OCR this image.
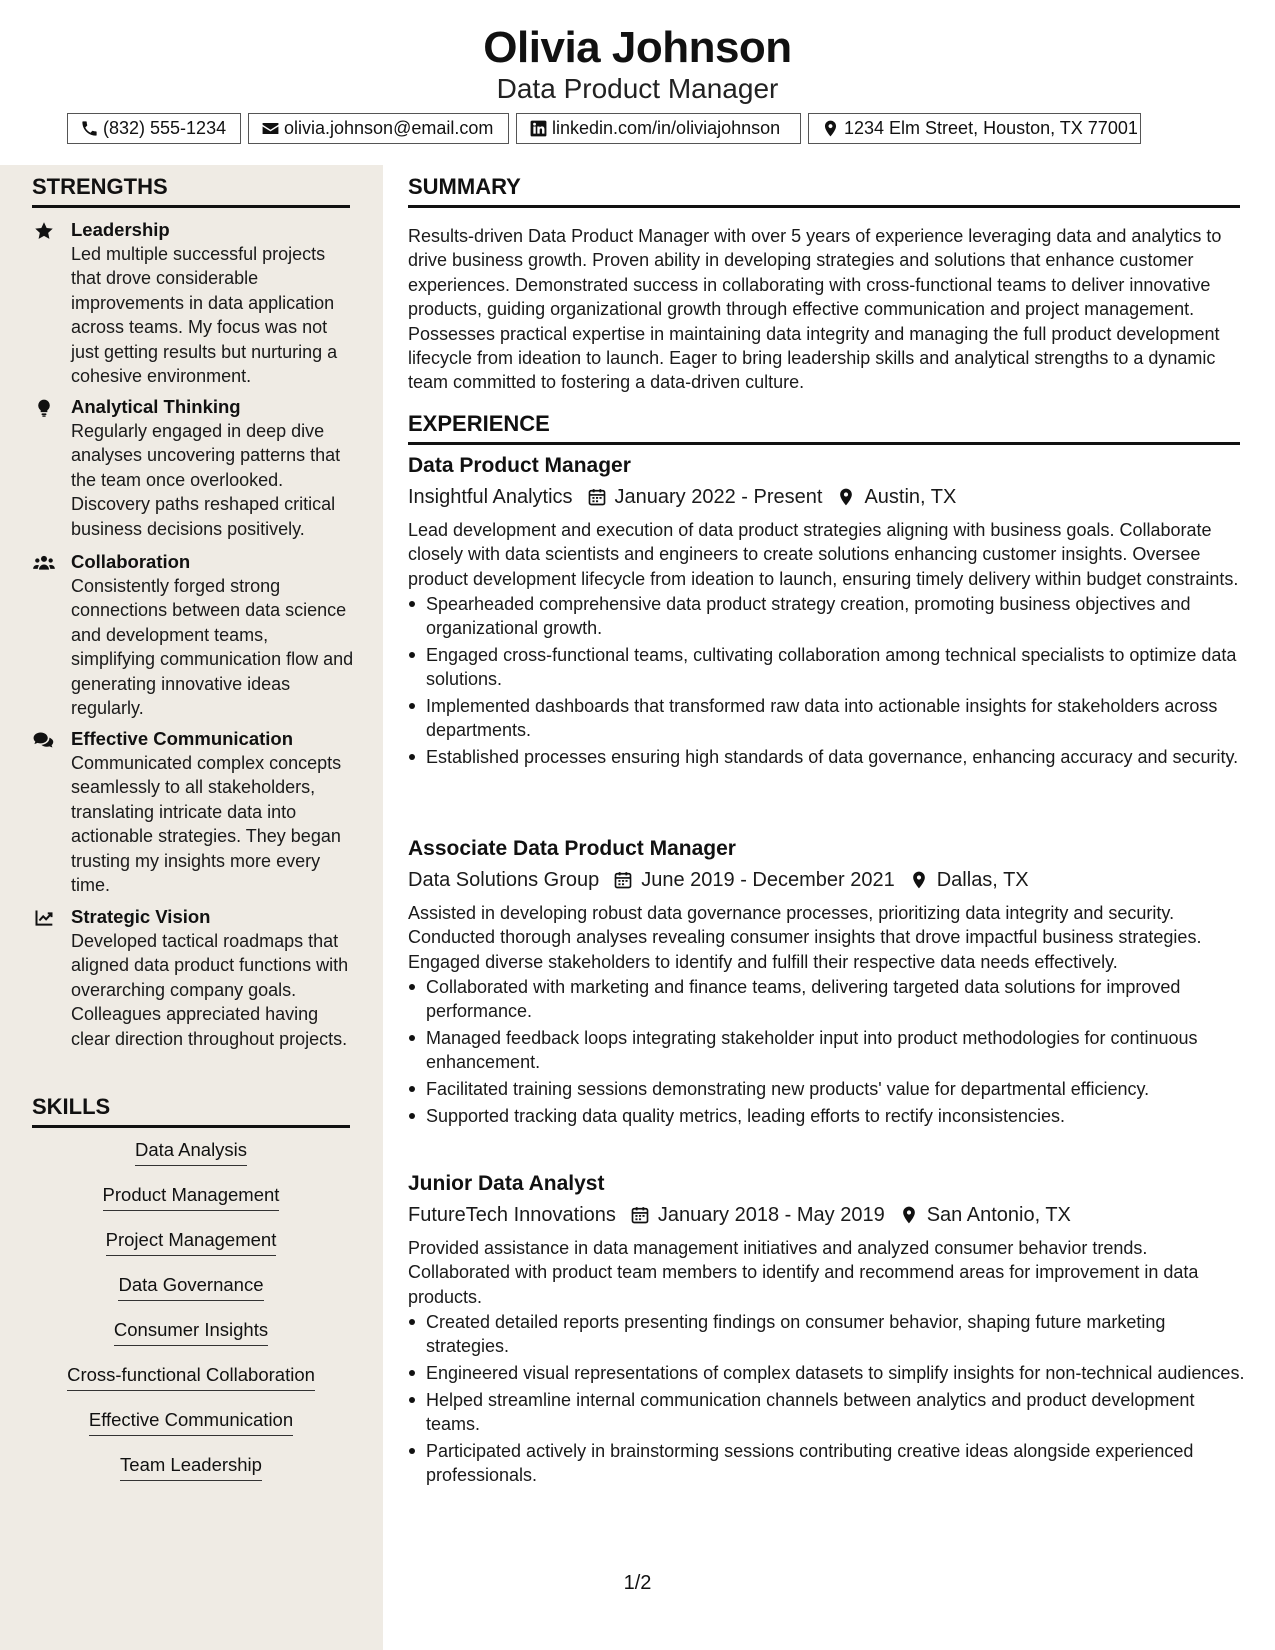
Olivia Johnson
Data Product Manager
(832) 555-1234	olivia.johnson@email.com	linkedin.com/in/oliviajohnson	1234 Elm Street, Houston, TX 77001
STRENGTHS
Leadership
Led multiple successful projects that drove considerable improvements in data application across teams. My focus was not just getting results but nurturing a cohesive environment.
Analytical Thinking
Regularly engaged in deep dive analyses uncovering patterns that the team once overlooked. Discovery paths reshaped critical business decisions positively.
Collaboration
Consistently forged strong connections between data science and development teams, simplifying communication flow and generating innovative ideas regularly.
Effective Communication
Communicated complex concepts seamlessly to all stakeholders, translating intricate data into actionable strategies. They began trusting my insights more every time.
Strategic Vision
Developed tactical roadmaps that aligned data product functions with overarching company goals. Colleagues appreciated having clear direction throughout projects.
SKILLS
Data Analysis
Product Management
Project Management
Data Governance
Consumer Insights
Cross-functional Collaboration
Effective Communication
Team Leadership
SUMMARY
Results-driven Data Product Manager with over 5 years of experience leveraging data and analytics to drive business growth. Proven ability in developing strategies and solutions that enhance customer experiences. Demonstrated success in collaborating with cross-functional teams to deliver innovative products, guiding organizational growth through effective communication and project management. Possesses practical expertise in maintaining data integrity and managing the full product development lifecycle from ideation to launch. Eager to bring leadership skills and analytical strengths to a dynamic team committed to fostering a data-driven culture.
EXPERIENCE
Data Product Manager
Insightful Analytics January 2022 - Present Austin, TX
Lead development and execution of data product strategies aligning with business goals. Collaborate closely with data scientists and engineers to create solutions enhancing customer insights. Oversee product development lifecycle from ideation to launch, ensuring timely delivery within budget constraints.
Spearheaded comprehensive data product strategy creation, promoting business objectives and organizational growth.
Engaged cross-functional teams, cultivating collaboration among technical specialists to optimize data solutions.
Implemented dashboards that transformed raw data into actionable insights for stakeholders across departments.
Established processes ensuring high standards of data governance, enhancing accuracy and security.
Associate Data Product Manager
Data Solutions Group June 2019 - December 2021 Dallas, TX
Assisted in developing robust data governance processes, prioritizing data integrity and security. Conducted thorough analyses revealing consumer insights that drove impactful business strategies. Engaged diverse stakeholders to identify and fulfill their respective data needs effectively.
Collaborated with marketing and finance teams, delivering targeted data solutions for improved performance.
Managed feedback loops integrating stakeholder input into product methodologies for continuous enhancement.
Facilitated training sessions demonstrating new products' value for departmental efficiency.
Supported tracking data quality metrics, leading efforts to rectify inconsistencies.
Junior Data Analyst
FutureTech Innovations January 2018 - May 2019 San Antonio, TX
Provided assistance in data management initiatives and analyzed consumer behavior trends. Collaborated with product team members to identify and recommend areas for improvement in data products.
Created detailed reports presenting findings on consumer behavior, shaping future marketing strategies.
Engineered visual representations of complex datasets to simplify insights for non-technical audiences.
Helped streamline internal communication channels between analytics and product development teams.
Participated actively in brainstorming sessions contributing creative ideas alongside experienced professionals.
1/2
